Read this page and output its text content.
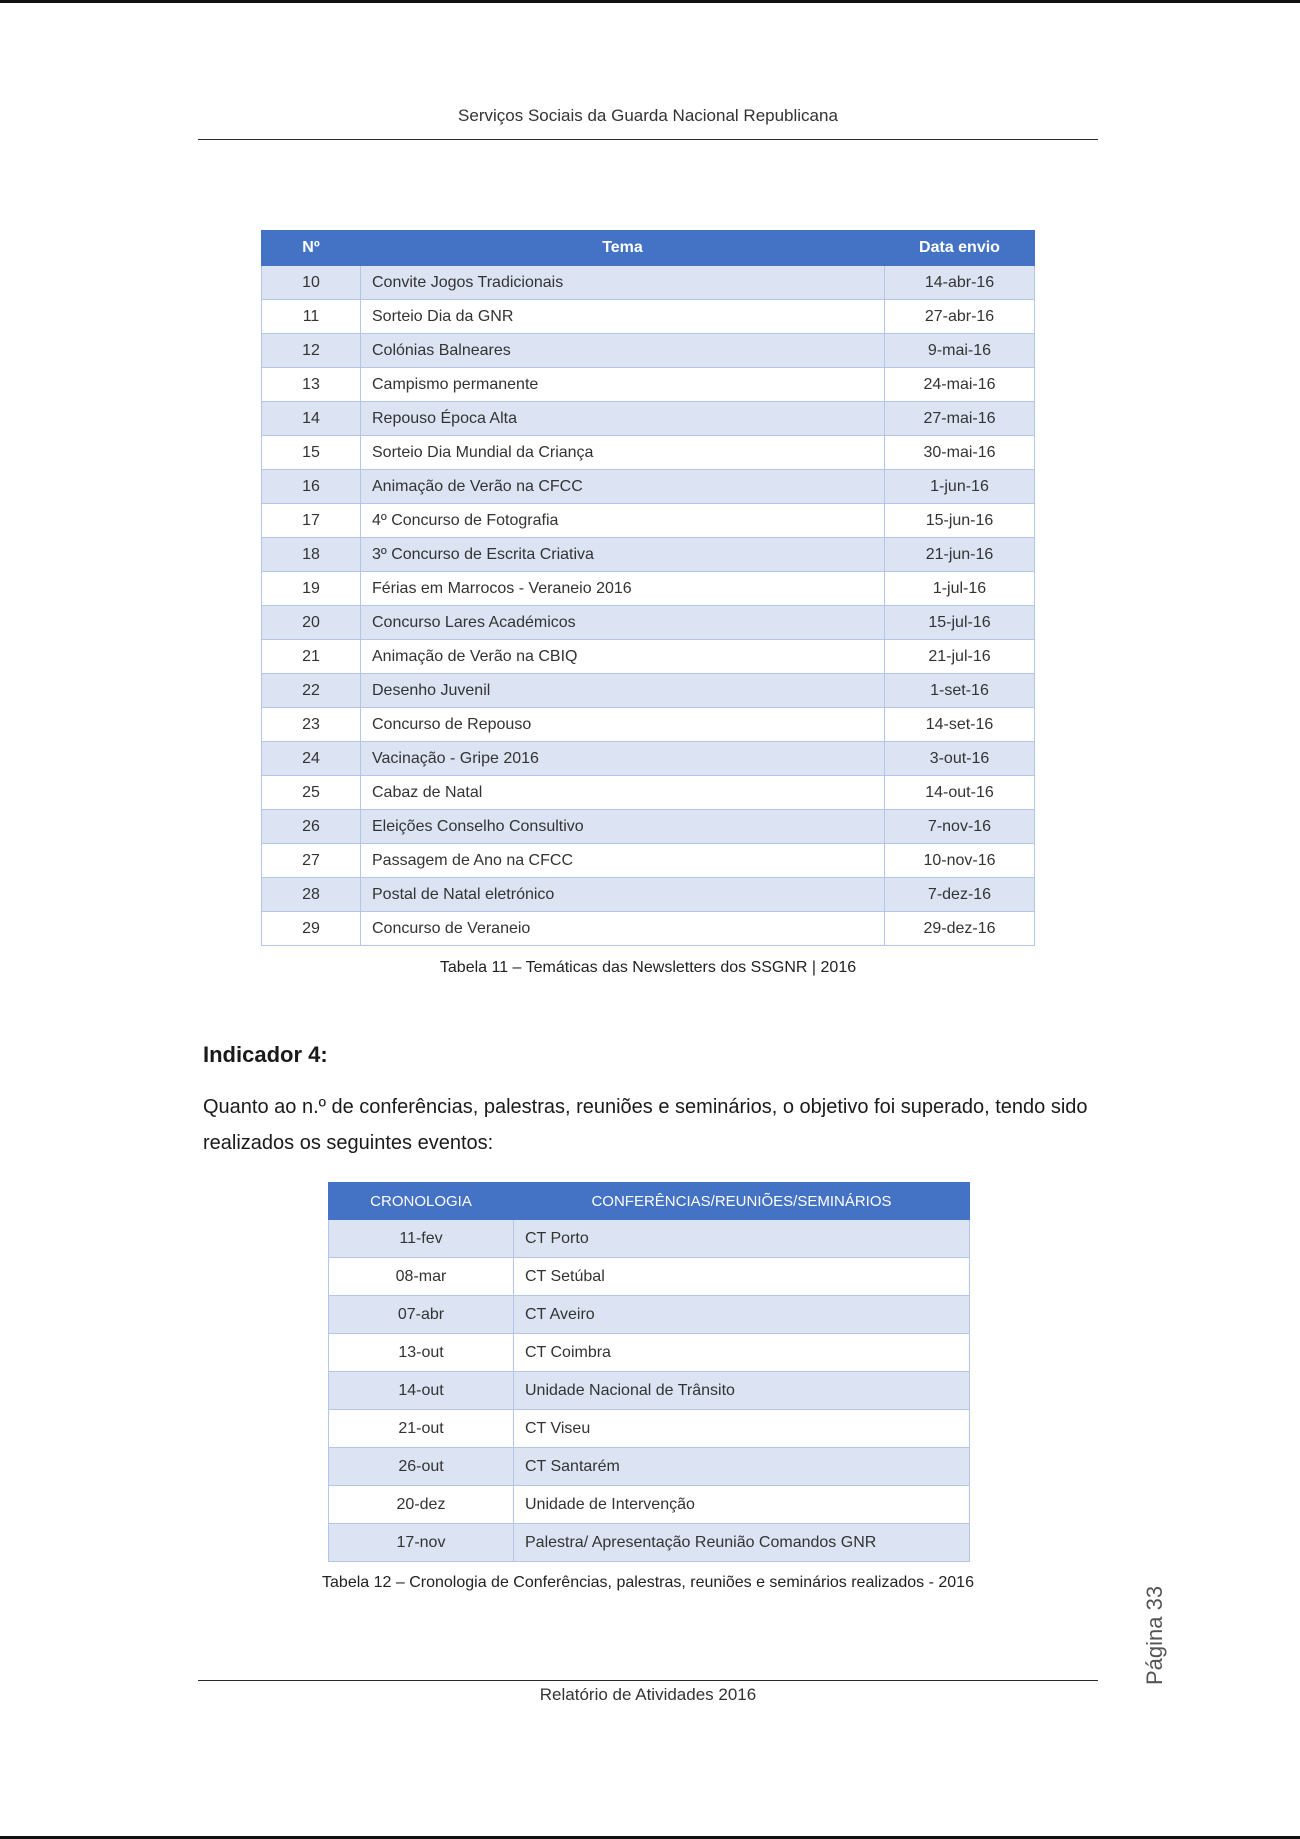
Serviços Sociais da Guarda Nacional Republicana
Nº	Tema	Data envio
10	Convite Jogos Tradicionais	14-abr-16
11	Sorteio Dia da GNR	27-abr-16
12	Colónias Balneares	9-mai-16
13	Campismo permanente	24-mai-16
14	Repouso Época Alta	27-mai-16
15	Sorteio Dia Mundial da Criança	30-mai-16
16	Animação de Verão na CFCC	1-jun-16
17	4º Concurso de Fotografia	15-jun-16
18	3º Concurso de Escrita Criativa	21-jun-16
19	Férias em Marrocos - Veraneio 2016	1-jul-16
20	Concurso Lares Académicos	15-jul-16
21	Animação de Verão na CBIQ	21-jul-16
22	Desenho Juvenil	1-set-16
23	Concurso de Repouso	14-set-16
24	Vacinação - Gripe 2016	3-out-16
25	Cabaz de Natal	14-out-16
26	Eleições Conselho Consultivo	7-nov-16
27	Passagem de Ano na CFCC	10-nov-16
28	Postal de Natal eletrónico	7-dez-16
29	Concurso de Veraneio	29-dez-16
Tabela 11 – Temáticas das Newsletters dos SSGNR | 2016
Indicador 4:
Quanto ao n.º de conferências, palestras, reuniões e seminários, o objetivo foi superado, tendo sido realizados os seguintes eventos:
CRONOLOGIA	CONFERÊNCIAS/REUNIÕES/SEMINÁRIOS
11-fev	CT Porto
08-mar	CT Setúbal
07-abr	CT Aveiro
13-out	CT Coimbra
14-out	Unidade Nacional de Trânsito
21-out	CT Viseu
26-out	CT Santarém
20-dez	Unidade de Intervenção
17-nov	Palestra/ Apresentação Reunião Comandos GNR
Tabela 12 – Cronologia de Conferências, palestras, reuniões e seminários realizados - 2016
Página 33
Relatório de Atividades 2016
